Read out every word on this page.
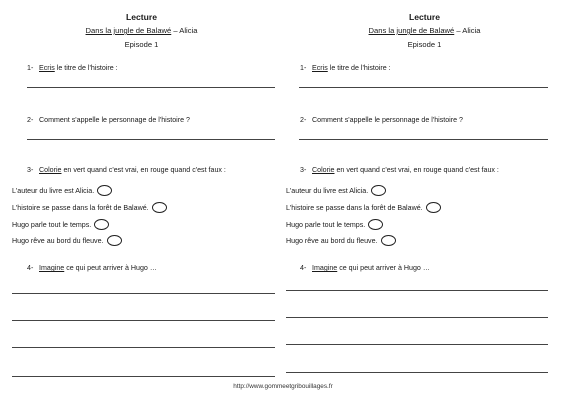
Lecture
Dans la jungle de Balawé – Alicia
Episode 1
1- Ecris le titre de l'histoire :
2- Comment s'appelle le personnage de l'histoire ?
3- Colorie en vert quand c'est vrai, en rouge quand c'est faux :
L'auteur du livre est Alicia.
L'histoire se passe dans la forêt de Balawé.
Hugo parle tout le temps.
Hugo rêve au bord du fleuve.
4- Imagine ce qui peut arriver à Hugo …
Lecture
Dans la jungle de Balawé – Alicia
Episode 1
1- Ecris le titre de l'histoire :
2- Comment s'appelle le personnage de l'histoire ?
3- Colorie en vert quand c'est vrai, en rouge quand c'est faux :
L'auteur du livre est Alicia.
L'histoire se passe dans la forêt de Balawé.
Hugo parle tout le temps.
Hugo rêve au bord du fleuve.
4- Imagine ce qui peut arriver à Hugo …
http://www.gommeetgribouillages.fr
